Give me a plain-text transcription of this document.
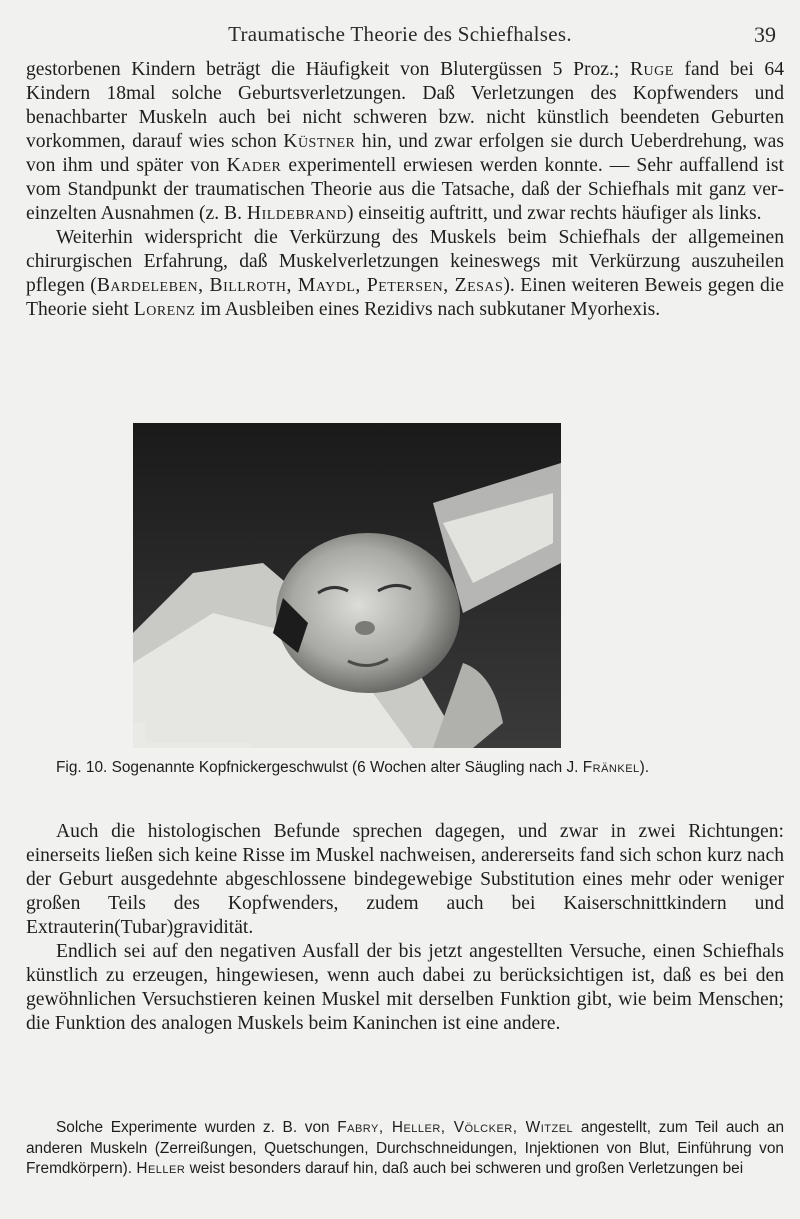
Traumatische Theorie des Schiefhalses.	39

gestorbenen Kindern beträgt die Häufigkeit von Blutergüssen 5 Proz.; Ruge fand bei 64 Kindern 18mal solche Geburtsverletzungen. Daß Verletzungen des Kopfwenders und benachbarter Muskeln auch bei nicht schweren bzw. nicht künstlich beendeten Geburten vorkommen, darauf wies schon Küstner hin, und zwar erfolgen sie durch Ueberdrehung, was von ihm und später von Kader experimentell erwiesen werden konnte. — Sehr auffallend ist vom Standpunkt der traumatischen Theorie aus die Tatsache, daß der Schiefhals mit ganz vereinzelten Ausnahmen (z. B. Hildebrand) einseitig auftritt, und zwar rechts häufiger als links.

Weiterhin widerspricht die Verkürzung des Muskels beim Schiefhals der allgemeinen chirurgischen Erfahrung, daß Muskelverletzungen keineswegs mit Verkürzung auszuheilen pflegen (Bardeleben, Billroth, Maydl, Petersen, Zesas). Einen weiteren Beweis gegen die Theorie sieht Lorenz im Ausbleiben eines Rezidivs nach subkutaner Myorhexis.

Fig. 10. Sogenannte Kopfnickergeschwulst (6 Wochen alter Säugling nach J. Fränkel).

Auch die histologischen Befunde sprechen dagegen, und zwar in zwei Richtungen: einerseits ließen sich keine Risse im Muskel nachweisen, andererseits fand sich schon kurz nach der Geburt ausgedehnte abgeschlossene bindegewebige Substitution eines mehr oder weniger großen Teils des Kopfwenders, zudem auch bei Kaiserschnittkindern und Extrauterin(Tubar)gravidität.

Endlich sei auf den negativen Ausfall der bis jetzt angestellten Versuche, einen Schiefhals künstlich zu erzeugen, hingewiesen, wenn auch dabei zu berücksichtigen ist, daß es bei den gewöhnlichen Versuchstieren keinen Muskel mit derselben Funktion gibt, wie beim Menschen; die Funktion des analogen Muskels beim Kaninchen ist eine andere.

Solche Experimente wurden z. B. von Fabry, Heller, Völcker, Witzel angestellt, zum Teil auch an anderen Muskeln (Zerreißungen, Quetschungen, Durchschneidungen, Injektionen von Blut, Einführung von Fremdkörpern). Heller weist besonders darauf hin, daß auch bei schweren und großen Verletzungen bei
